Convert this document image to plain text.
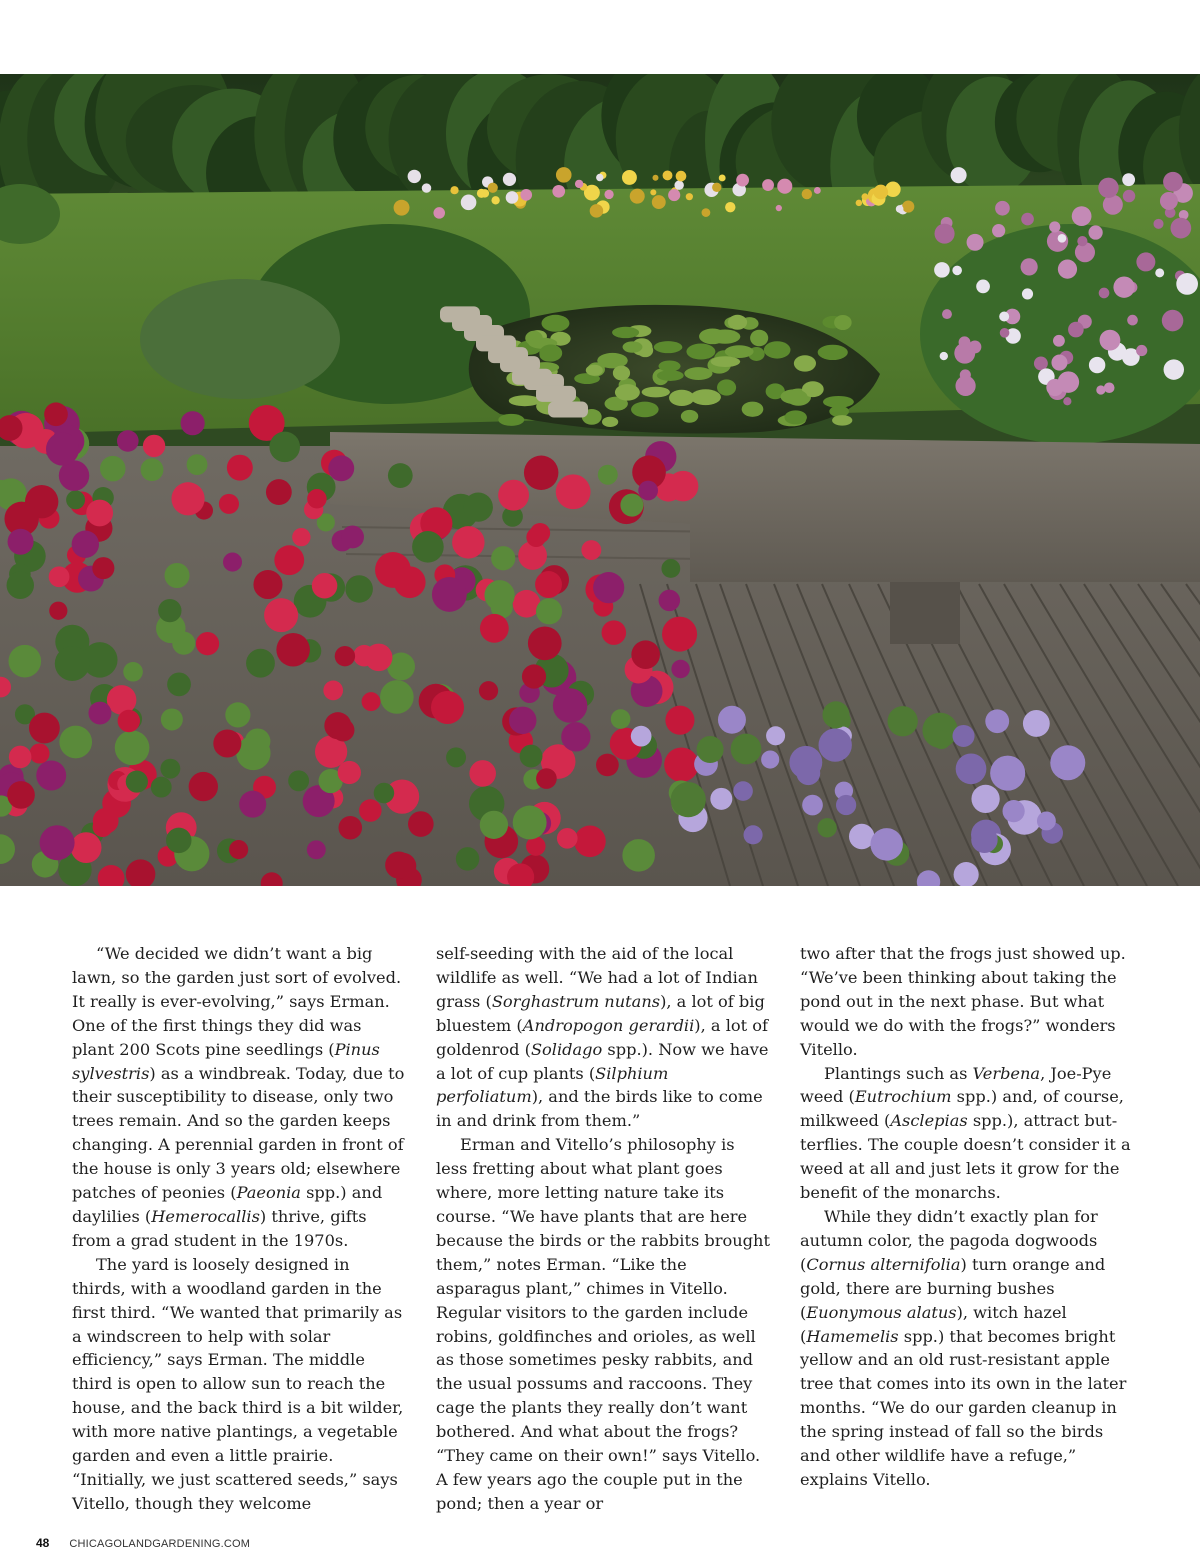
“We decided we didn’t want a big lawn, so the garden just sort of evolved. It really is ever-evolving,” says Erman. One of the first things they did was plant 200 Scots pine seedlings (Pinus sylvestris) as a windbreak. Today, due to their susceptibility to disease, only two trees remain. And so the garden keeps changing. A perennial garden in front of the house is only 3 years old; elsewhere patches of peonies (Paeonia spp.) and daylilies (Hemerocallis) thrive, gifts from a grad student in the 1970s.

The yard is loosely designed in thirds, with a woodland garden in the first third. “We wanted that primarily as a windscreen to help with solar efficiency,” says Erman. The middle third is open to allow sun to reach the house, and the back third is a bit wilder, with more native plantings, a vegetable garden and even a little prairie. “Initially, we just scattered seeds,” says Vitello, though they welcome

self-seeding with the aid of the local wildlife as well. “We had a lot of Indian grass (Sorghastrum nutans), a lot of big bluestem (Andropogon gerardii), a lot of goldenrod (Solidago spp.). Now we have a lot of cup plants (Silphium perfoliatum), and the birds like to come in and drink from them.”

Erman and Vitello’s philosophy is less fretting about what plant goes where, more letting nature take its course. “We have plants that are here because the birds or the rabbits brought them,” notes Erman. “Like the asparagus plant,” chimes in Vitello. Regular visitors to the garden include robins, goldfinches and orioles, as well as those sometimes pesky rabbits, and the usual possums and raccoons. They cage the plants they really don’t want bothered. And what about the frogs? “They came on their own!” says Vitello. A few years ago the couple put in the pond; then a year or

two after that the frogs just showed up. “We’ve been thinking about taking the pond out in the next phase. But what would we do with the frogs?” wonders Vitello.

Plantings such as Verbena, Joe-Pye weed (Eutrochium spp.) and, of course, milkweed (Asclepias spp.), attract butterflies. The couple doesn’t consider it a weed at all and just lets it grow for the benefit of the monarchs.

While they didn’t exactly plan for autumn color, the pagoda dogwoods (Cornus alternifolia) turn orange and gold, there are burning bushes (Euonymous alatus), witch hazel (Hamemelis spp.) that becomes bright yellow and an old rust-resistant apple tree that comes into its own in the later months. “We do our garden cleanup in the spring instead of fall so the birds and other wildlife have a refuge,” explains Vitello.

48 CHICAGOLANDGARDENING.COM
